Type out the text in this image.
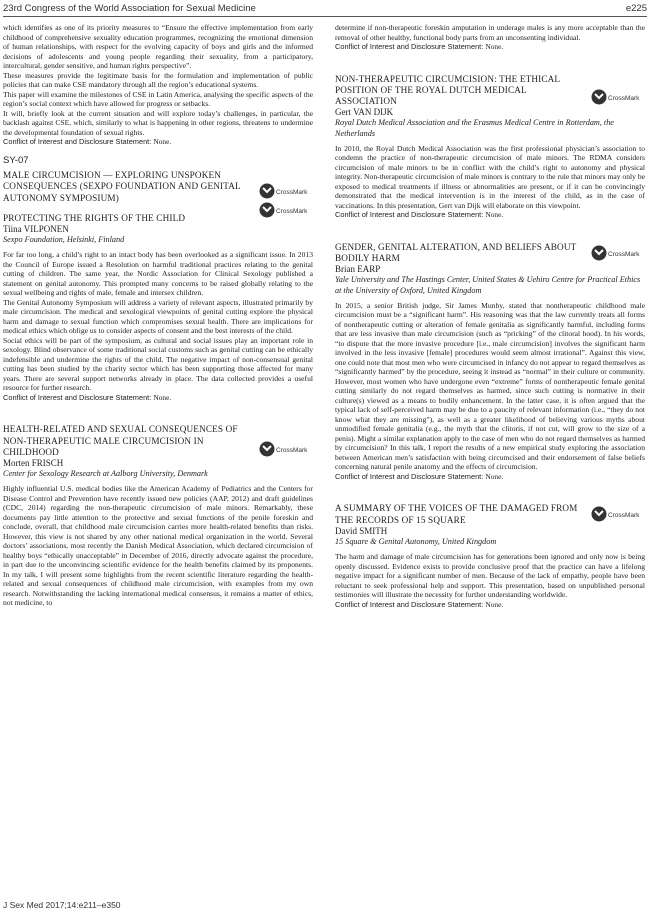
23rd Congress of the World Association for Sexual Medicine	e225

which identifies as one of its priority measures to “Ensure the effective implementation from early childhood of comprehensive sexuality education programmes, recognizing the emotional dimension of human relationships, with respect for the evolving capacity of boys and girls and the informed decisions of adolescents and young people regarding their sexuality, from a participatory, intercultural, gender sensitive, and human rights perspective”.

These measures provide the legitimate basis for the formulation and implementation of public policies that can make CSE mandatory through all the region’s educational systems.

This paper will examine the milestones of CSE in Latin America, analysing the specific aspects of the region’s social context which have allowed for progress or setbacks.

It will, briefly look at the current situation and will explore today’s challenges, in particular, the backlash against CSE, which, similarly to what is happening in other regions, threatens to undermine the developmental foundation of sexual rights.

Conflict of Interest and Disclosure Statement: None.

SY-07

CrossMark
MALE CIRCUMCISION — EXPLORING UNSPOKEN CONSEQUENCES (SEXPO FOUNDATION AND GENITAL AUTONOMY SYMPOSIUM)
CrossMark
PROTECTING THE RIGHTS OF THE CHILD
Tiina VILPONEN
Sexpo Foundation, Helsinki, Finland

For far too long, a child’s right to an intact body has been overlooked as a significant issue. In 2013 the Council of Europe issued a Resolution on harmful traditional practices relating to the genital cutting of children. The same year, the Nordic Association for Clinical Sexology published a statement on genital autonomy. This prompted many concerns to be raised globally relating to the sexual wellbeing and rights of male, female and intersex children.

The Genital Autonomy Symposium will address a variety of relevant aspects, illustrated primarily by male circumcision. The medical and sexological viewpoints of genital cutting explore the physical harm and damage to sexual function which compromises sexual health. There are implications for medical ethics which oblige us to consider aspects of consent and the best interests of the child.

Social ethics will be part of the symposium, as cultural and social issues play an important role in sexology. Blind observance of some traditional social customs such as genital cutting can be ethically indefensible and undermine the rights of the child. The negative impact of non-consensual genital cutting has been studied by the charity sector which has been supporting those affected for many years. There are several support networks already in place. The data collected provides a useful resource for further research.

Conflict of Interest and Disclosure Statement: None.

CrossMark
HEALTH-RELATED AND SEXUAL CONSEQUENCES OF NON-THERAPEUTIC MALE CIRCUMCISION IN CHILDHOOD
Morten FRISCH
Center for Sexology Research at Aalborg University, Denmark

Highly influential U.S. medical bodies like the American Academy of Pediatrics and the Centers for Disease Control and Prevention have recently issued new policies (AAP, 2012) and draft guidelines (CDC, 2014) regarding the non-therapeutic circumcision of male minors. Remarkably, these documents pay little attention to the protective and sexual functions of the penile foreskin and conclude, overall, that childhood male circumcision carries more health-related benefits than risks. However, this view is not shared by any other national medical organization in the world. Several doctors’ associations, most recently the Danish Medical Association, which declared circumcision of healthy boys “ethically unacceptable” in December of 2016, directly advocate against the procedure, in part due to the unconvincing scientific evidence for the health benefits claimed by its proponents. In my talk, I will present some highlights from the recent scientific literature regarding the health-related and sexual consequences of childhood male circumcision, with examples from my own research. Notwithstanding the lacking international medical consensus, it remains a matter of ethics, not medicine, to

determine if non-therapeutic foreskin amputation in underage males is any more acceptable than the removal of other healthy, functional body parts from an unconsenting individual.

Conflict of Interest and Disclosure Statement: None.

CrossMark
NON-THERAPEUTIC CIRCUMCISION: THE ETHICAL POSITION OF THE ROYAL DUTCH MEDICAL ASSOCIATION
Gert VAN DIJK
Royal Dutch Medical Association and the Erasmus Medical Centre in Rotterdam, the Netherlands

In 2010, the Royal Dutch Medical Association was the first professional physician’s association to condemn the practice of non-therapeutic circumcision of male minors. The RDMA considers circumcision of male minors to be in conflict with the child’s right to autonomy and physical integrity. Non-therapeutic circumcision of male minors is contrary to the rule that minors may only be exposed to medical treatments if illness or abnormalities are present, or if it can be convincingly demonstrated that the medical intervention is in the interest of the child, as in the case of vaccinations. In this presentation, Gert van Dijk will elaborate on this viewpoint.

Conflict of Interest and Disclosure Statement: None.

CrossMark
GENDER, GENITAL ALTERATION, AND BELIEFS ABOUT BODILY HARM
Brian EARP
Yale University and The Hastings Center, United States & Uehiro Centre for Practical Ethics at the University of Oxford, United Kingdom

In 2015, a senior British judge, Sir James Munby, stated that nontherapeutic childhood male circumcision must be a “significant harm”. His reasoning was that the law currently treats all forms of nontherapeutic cutting or alteration of female genitalia as significantly harmful, including forms that are less invasive than male circumcision (such as “pricking” of the clitoral hood). In his words, “to dispute that the more invasive procedure [i.e., male circumcision] involves the significant harm involved in the less invasive [female] procedures would seem almost irrational”. Against this view, one could note that most men who were circumcised in infancy do not appear to regard themselves as “significantly harmed” by the procedure, seeing it instead as “normal” in their culture or community. However, most women who have undergone even “extreme” forms of nontherapeutic female genital cutting similarly do not regard themselves as harmed, since such cutting is normative in their culture(s) viewed as a means to bodily enhancement. In the latter case, it is often argued that the typical lack of self-perceived harm may be due to a paucity of relevant information (i.e., “they do not know what they are missing”), as well as a greater likelihood of believing various myths about unmodified female genitalia (e.g., the myth that the clitoris, if not cut, will grow to the size of a penis). Might a similar explanation apply to the case of men who do not regard themselves as harmed by circumcision? In this talk, I report the results of a new empirical study exploring the association between American men’s satisfaction with being circumcised and their endorsement of false beliefs concerning natural penile anatomy and the effects of circumcision.

Conflict of Interest and Disclosure Statement: None.

CrossMark
A SUMMARY OF THE VOICES OF THE DAMAGED FROM THE RECORDS OF 15 SQUARE
David SMITH
15 Square & Genital Autonomy, United Kingdom

The harm and damage of male circumcision has for generations been ignored and only now is being openly discussed. Evidence exists to provide conclusive proof that the practice can have a lifelong negative impact for a significant number of men. Because of the lack of empathy, people have been reluctant to seek professional help and support. This presentation, based on unpublished personal testimonies will illustrate the necessity for further understanding worldwide.

Conflict of Interest and Disclosure Statement: None.

J Sex Med 2017;14:e211–e350
